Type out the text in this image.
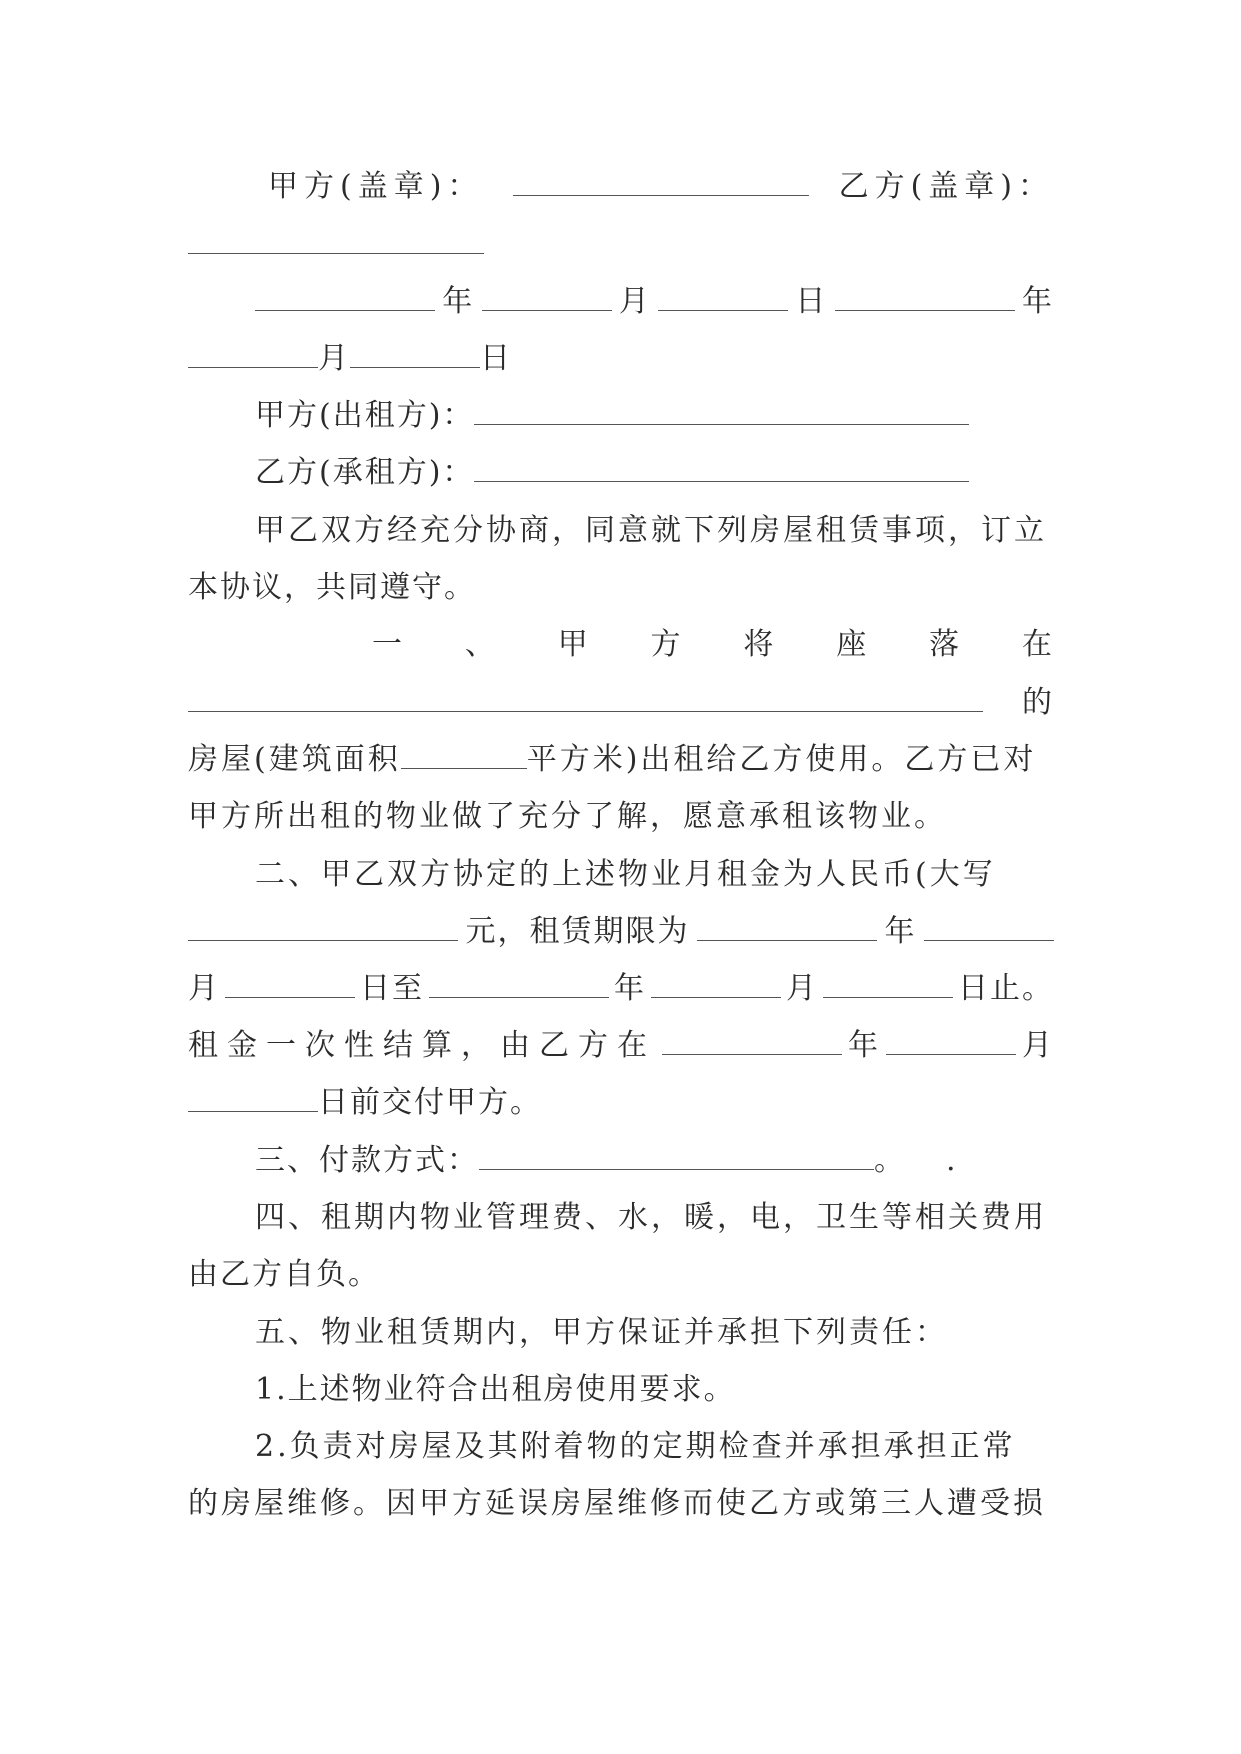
甲方(盖章)：	乙方(盖章)：
年	月	日	年
月	日
甲方(出租方)：
乙方(承租方)：
甲乙双方经充分协商，同意就下列房屋租赁事项，订立
本协议，共同遵守。
一 、 甲 方 将 座 落 在
的
房屋(建筑面积	平方米)出租给乙方使用。乙方已对
甲方所出租的物业做了充分了解，愿意承租该物业。
二、甲乙双方协定的上述物业月租金为人民币(大写
元，租赁期限为	年
月	日至	年	月	日止。
租金一次性结算，由乙方在	年	月
日前交付甲方。
三、付款方式：	。 .
四、租期内物业管理费、水，暖，电，卫生等相关费用
由乙方自负。
五、物业租赁期内，甲方保证并承担下列责任：
1.上述物业符合出租房使用要求。
2.负责对房屋及其附着物的定期检查并承担承担正常
的房屋维修。因甲方延误房屋维修而使乙方或第三人遭受损
